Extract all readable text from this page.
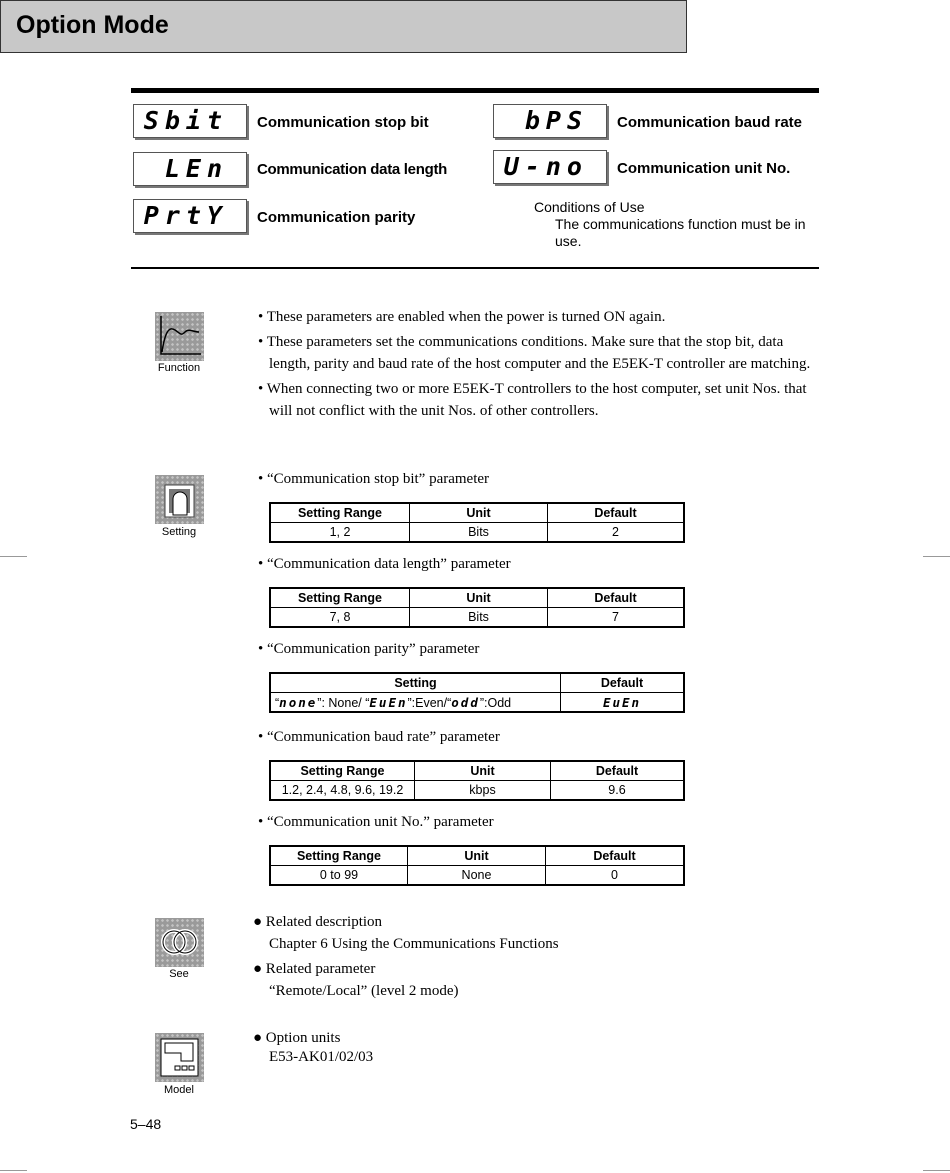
Option Mode
Sbit	Communication stop bit
LEn	Communication data length
PrtY	Communication parity
bPS	Communication baud rate
U-no	Communication unit No.
Conditions of Use
The communications function must be in use.
Function

• These parameters are enabled when the power is turned ON again.

• These parameters set the communications conditions. Make sure that the stop bit, data length, parity and baud rate of the host computer and the E5EK-T controller are matching.

• When connecting two or more E5EK-T controllers to the host computer, set unit Nos. that will not conflict with the unit Nos. of other controllers.

Setting
• “Communication stop bit” parameter
Setting Range	Unit	Default
1, 2	Bits	2
• “Communication data length” parameter
Setting Range	Unit	Default
7, 8	Bits	7
• “Communication parity” parameter
Setting	Default
“none”: None/ “EuEn”:Even/“odd”:Odd	EuEn
• “Communication baud rate” parameter
Setting Range	Unit	Default
1.2, 2.4, 4.8, 9.6, 19.2	kbps	9.6
• “Communication unit No.” parameter
Setting Range	Unit	Default
0 to 99	None	0
See
● Related description
Chapter 6 Using the Communications Functions
● Related parameter
“Remote/Local” (level 2 mode)
Model
● Option units
E53-AK01/02/03
5–48
